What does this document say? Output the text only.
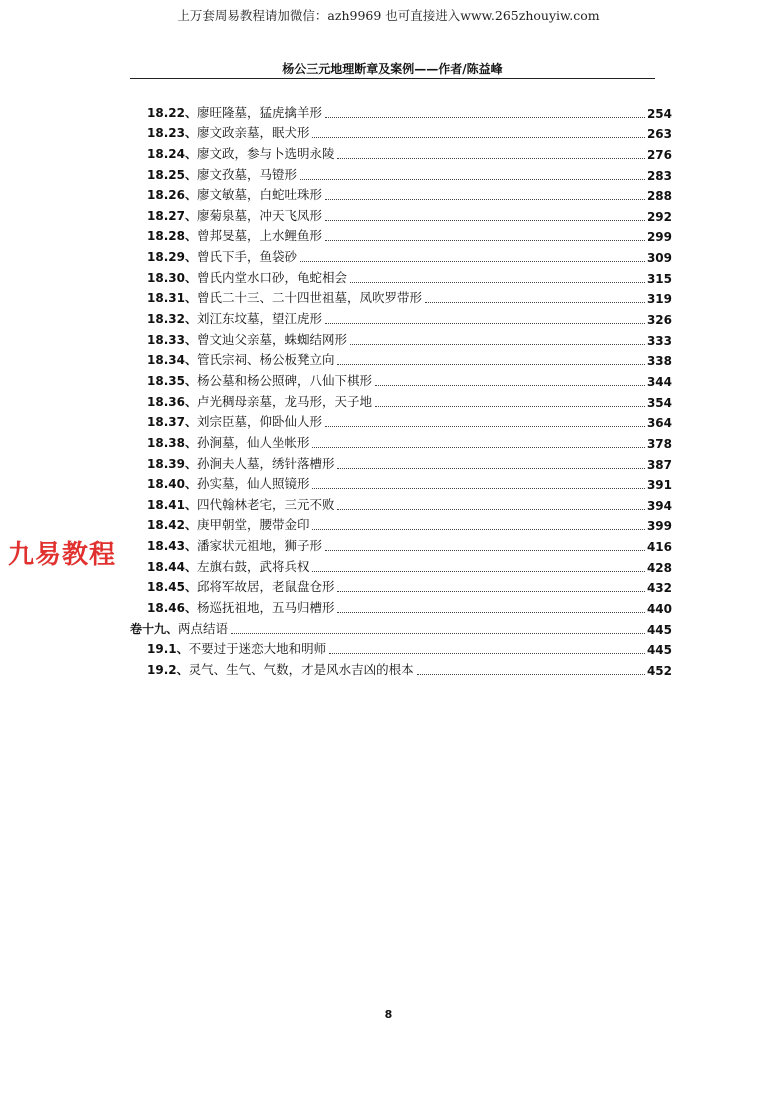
上万套周易教程请加微信：azh9969 也可直接进入www.265zhouyiw.com
杨公三元地理断章及案例——作者/陈益峰
18.22、 廖旺隆墓，猛虎擒羊形	254
18.23、 廖文政亲墓，眠犬形	263
18.24、 廖文政，参与卜选明永陵	276
18.25、 廖文孜墓，马镫形	283
18.26、 廖文敏墓，白蛇吐珠形	288
18.27、 廖菊泉墓，冲天飞凤形	292
18.28、 曾邦旻墓，上水鲤鱼形	299
18.29、 曾氏下手，鱼袋砂	309
18.30、 曾氏内堂水口砂，龟蛇相会	315
18.31、 曾氏二十三、二十四世祖墓，凤吹罗带形	319
18.32、 刘江东坟墓，望江虎形	326
18.33、 曾文辿父亲墓，蛛蜘结网形	333
18.34、 管氏宗祠、杨公板凳立向	338
18.35、 杨公墓和杨公照碑，八仙下棋形	344
18.36、 卢光稠母亲墓，龙马形，天子地	354
18.37、 刘宗臣墓，仰卧仙人形	364
18.38、 孙涧墓，仙人坐帐形	378
18.39、 孙涧夫人墓，绣针落槽形	387
18.40、 孙实墓，仙人照镜形	391
18.41、 四代翰林老宅，三元不败	394
18.42、 庚甲朝堂，腰带金印	399
18.43、 潘家状元祖地，狮子形	416
18.44、 左旗右鼓，武将兵权	428
18.45、 邱将军故居，老鼠盘仓形	432
18.46、 杨巡抚祖地，五马归槽形	440
卷十九、 两点结语	445
19.1、 不要过于迷恋大地和明师	445
19.2、 灵气、生气、气数，才是风水吉凶的根本	452
九易教程
8
